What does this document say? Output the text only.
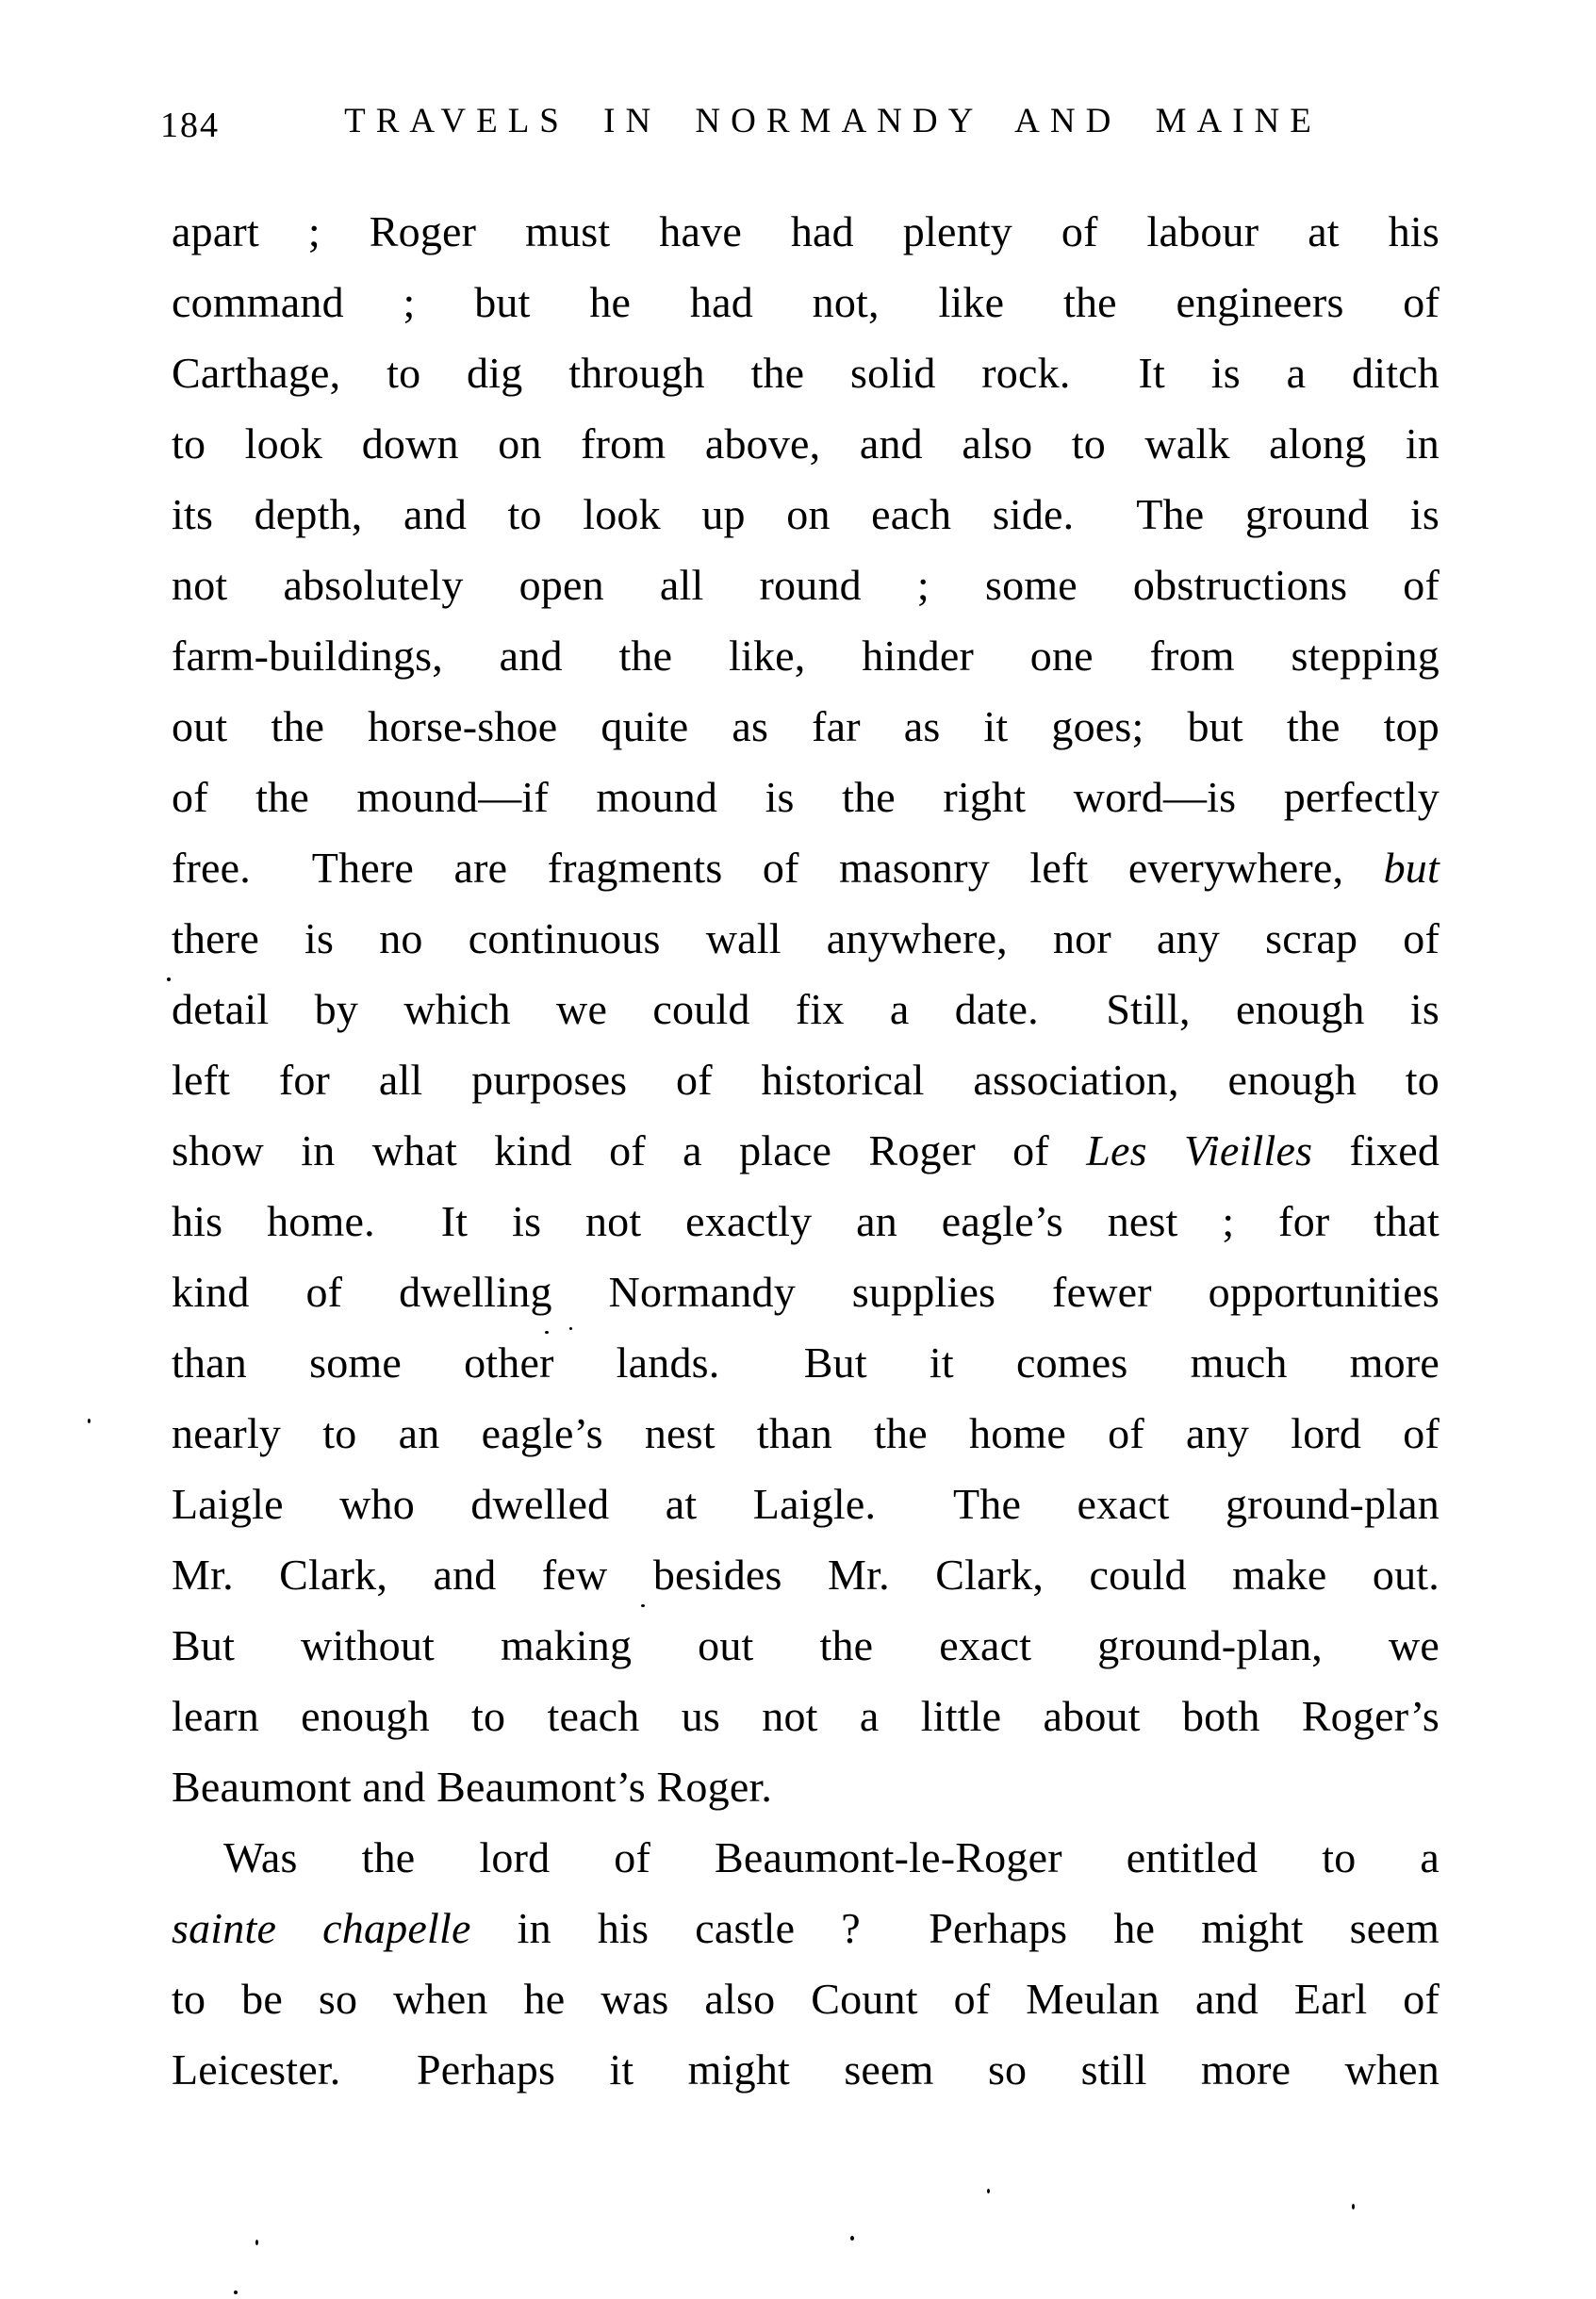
184	TRAVELS IN NORMANDY AND MAINE
apart ; Roger must have had plenty of labour at his
command ; but he had not, like the engineers of
Carthage, to dig through the solid rock.  It is a ditch
to look down on from above, and also to walk along in
its depth, and to look up on each side.  The ground is
not absolutely open all round ; some obstructions of
farm-buildings, and the like, hinder one from stepping
out the horse-shoe quite as far as it goes; but the top
of the mound—if mound is the right word—is perfectly
free.  There are fragments of masonry left everywhere, but
there is no continuous wall anywhere, nor any scrap of
detail by which we could fix a date.  Still, enough is
left for all purposes of historical association, enough to
show in what kind of a place Roger of Les Vieilles fixed
his home.  It is not exactly an eagle’s nest ; for that
kind of dwelling Normandy supplies fewer opportunities
than some other lands.  But it comes much more
nearly to an eagle’s nest than the home of any lord of
Laigle who dwelled at Laigle.  The exact ground-plan
Mr. Clark, and few besides Mr. Clark, could make out.
But without making out the exact ground-plan, we
learn enough to teach us not a little about both Roger’s
Beaumont and Beaumont’s Roger.
Was the lord of Beaumont-le-Roger entitled to a
sainte chapelle in his castle ?  Perhaps he might seem
to be so when he was also Count of Meulan and Earl of
Leicester.  Perhaps it might seem so still more when
